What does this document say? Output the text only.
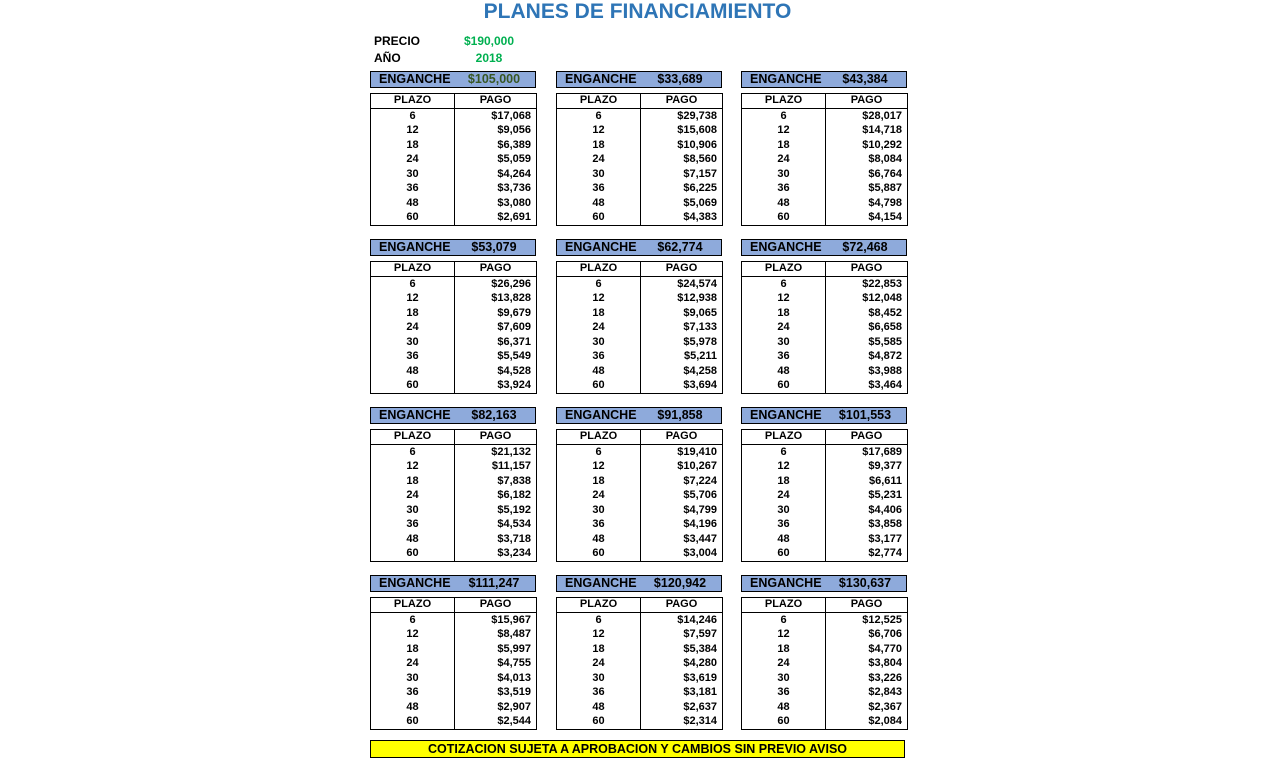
PLANES DE FINANCIAMIENTO
PRECIO	$190,000
AÑO	2018
ENGANCHE	$105,000
PLAZO	PAGO
6	$17,068
12	$9,056
18	$6,389
24	$5,059
30	$4,264
36	$3,736
48	$3,080
60	$2,691
ENGANCHE	$33,689
PLAZO	PAGO
6	$29,738
12	$15,608
18	$10,906
24	$8,560
30	$7,157
36	$6,225
48	$5,069
60	$4,383
ENGANCHE	$43,384
PLAZO	PAGO
6	$28,017
12	$14,718
18	$10,292
24	$8,084
30	$6,764
36	$5,887
48	$4,798
60	$4,154
ENGANCHE	$53,079
PLAZO	PAGO
6	$26,296
12	$13,828
18	$9,679
24	$7,609
30	$6,371
36	$5,549
48	$4,528
60	$3,924
ENGANCHE	$62,774
PLAZO	PAGO
6	$24,574
12	$12,938
18	$9,065
24	$7,133
30	$5,978
36	$5,211
48	$4,258
60	$3,694
ENGANCHE	$72,468
PLAZO	PAGO
6	$22,853
12	$12,048
18	$8,452
24	$6,658
30	$5,585
36	$4,872
48	$3,988
60	$3,464
ENGANCHE	$82,163
PLAZO	PAGO
6	$21,132
12	$11,157
18	$7,838
24	$6,182
30	$5,192
36	$4,534
48	$3,718
60	$3,234
ENGANCHE	$91,858
PLAZO	PAGO
6	$19,410
12	$10,267
18	$7,224
24	$5,706
30	$4,799
36	$4,196
48	$3,447
60	$3,004
ENGANCHE	$101,553
PLAZO	PAGO
6	$17,689
12	$9,377
18	$6,611
24	$5,231
30	$4,406
36	$3,858
48	$3,177
60	$2,774
ENGANCHE	$111,247
PLAZO	PAGO
6	$15,967
12	$8,487
18	$5,997
24	$4,755
30	$4,013
36	$3,519
48	$2,907
60	$2,544
ENGANCHE	$120,942
PLAZO	PAGO
6	$14,246
12	$7,597
18	$5,384
24	$4,280
30	$3,619
36	$3,181
48	$2,637
60	$2,314
ENGANCHE	$130,637
PLAZO	PAGO
6	$12,525
12	$6,706
18	$4,770
24	$3,804
30	$3,226
36	$2,843
48	$2,367
60	$2,084
COTIZACION SUJETA A APROBACION Y CAMBIOS SIN PREVIO AVISO
